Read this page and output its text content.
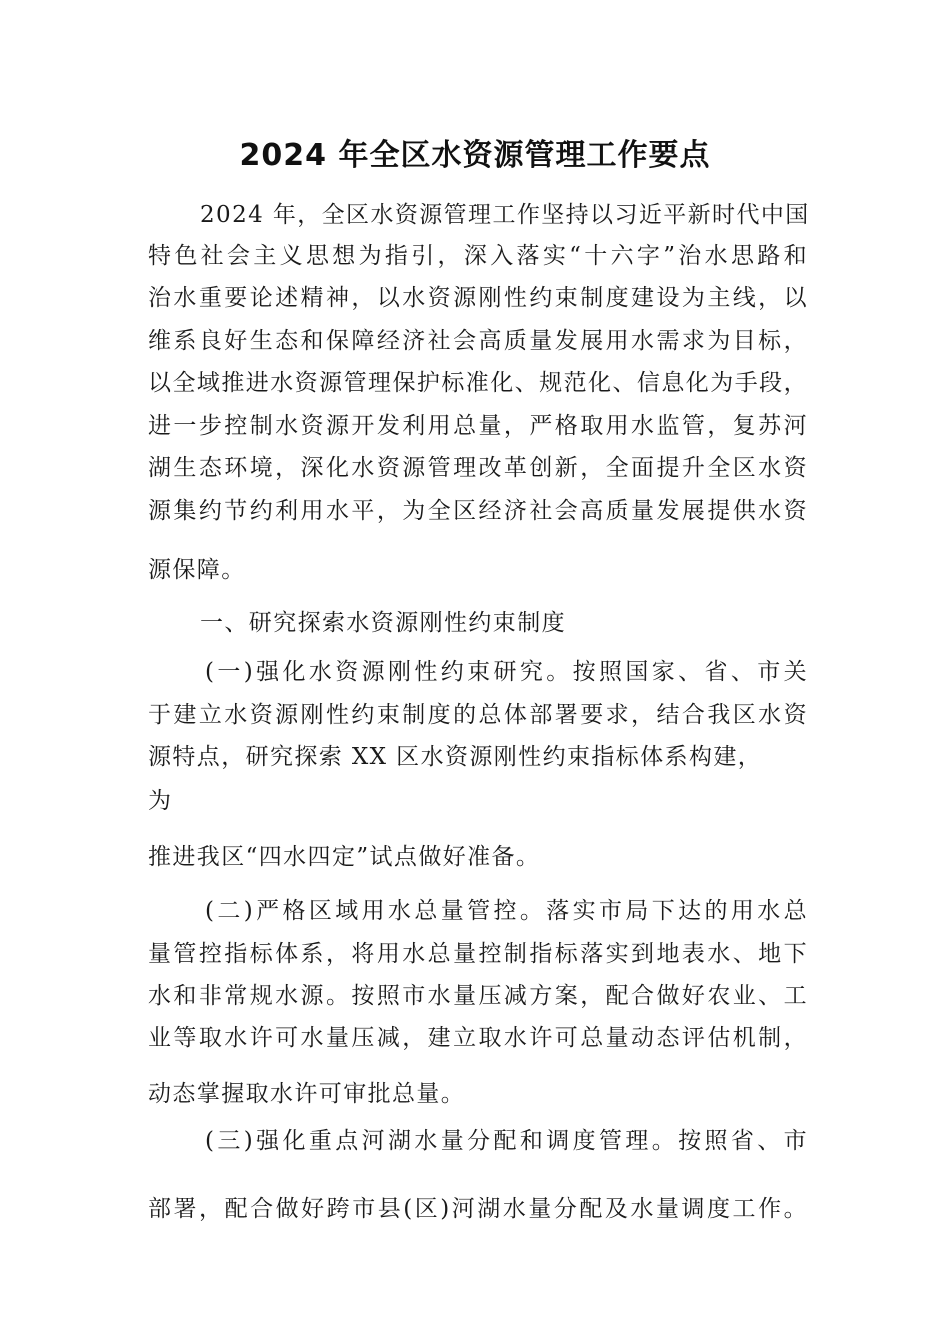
2024 年全区水资源管理工作要点
2024 年，全区水资源管理工作坚持以习近平新时代中国
特色社会主义思想为指引，深入落实“十六字”治水思路和
治水重要论述精神，以水资源刚性约束制度建设为主线，以
维系良好生态和保障经济社会高质量发展用水需求为目标，
以全域推进水资源管理保护标准化、规范化、信息化为手段，
进一步控制水资源开发利用总量，严格取用水监管，复苏河
湖生态环境，深化水资源管理改革创新，全面提升全区水资
源集约节约利用水平，为全区经济社会高质量发展提供水资
源保障。
一、研究探索水资源刚性约束制度
(一)强化水资源刚性约束研究。按照国家、省、市关
于建立水资源刚性约束制度的总体部署要求，结合我区水资
源特点，研究探索 XX 区水资源刚性约束指标体系构建，
为
推进我区“四水四定”试点做好准备。
(二)严格区域用水总量管控。落实市局下达的用水总
量管控指标体系，将用水总量控制指标落实到地表水、地下
水和非常规水源。按照市水量压减方案，配合做好农业、工
业等取水许可水量压减，建立取水许可总量动态评估机制，
动态掌握取水许可审批总量。
(三)强化重点河湖水量分配和调度管理。按照省、市
部署，配合做好跨市县(区)河湖水量分配及水量调度工作。
